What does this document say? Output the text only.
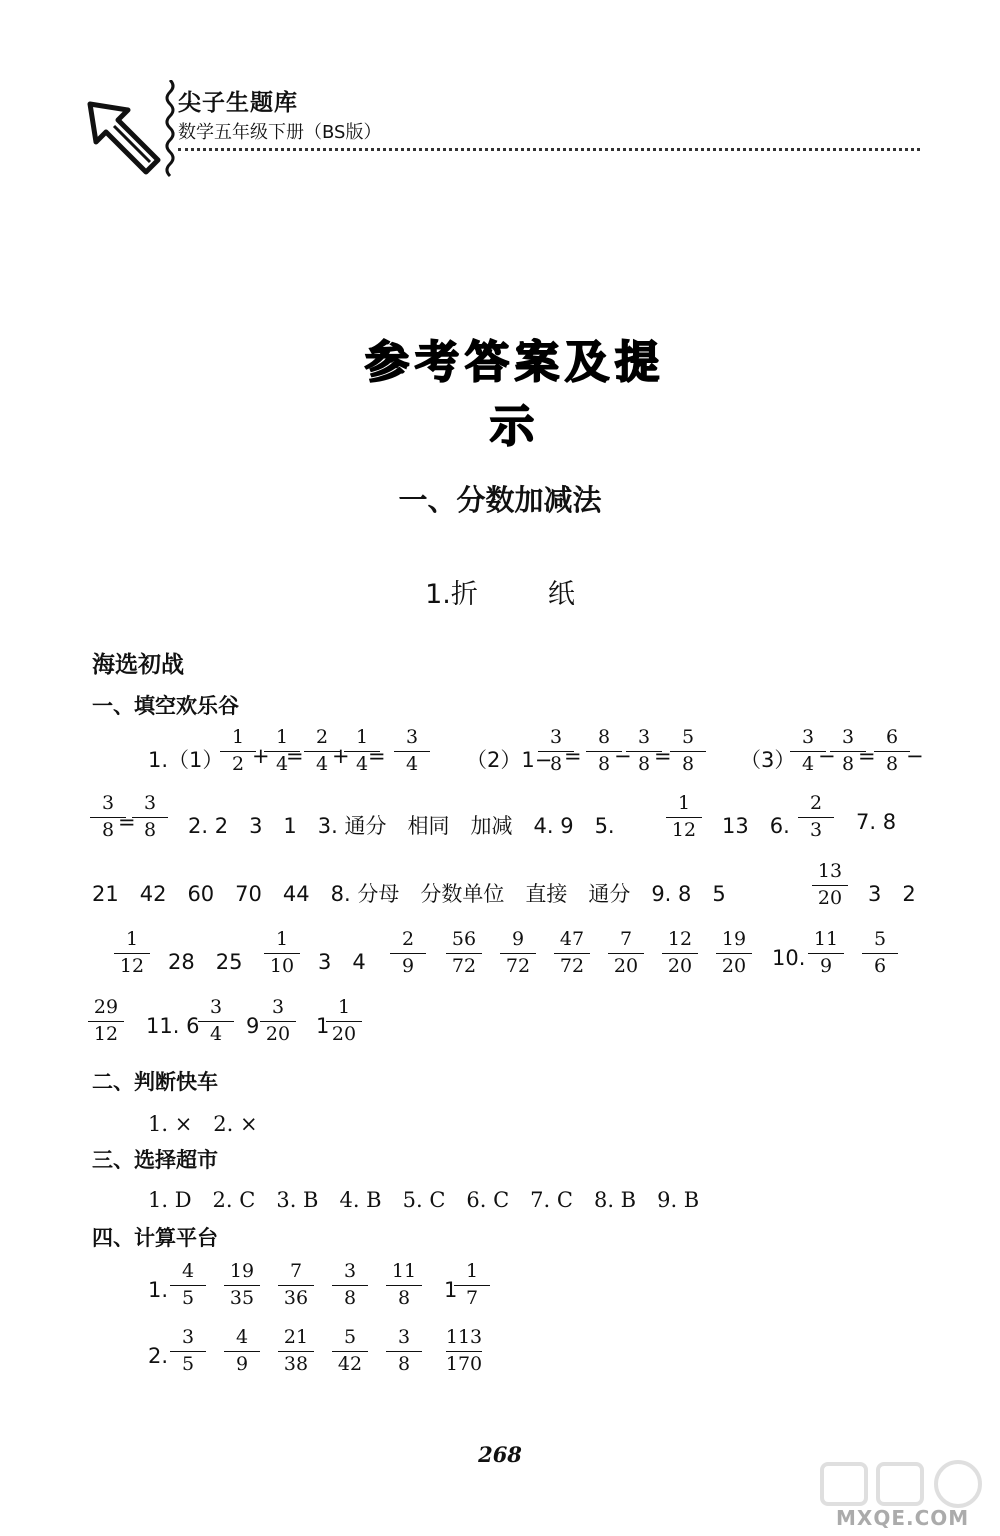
尖子生题库
数学五年级下册（BS版）
参考答案及提示
一、分数加减法
1.折	纸
海选初战
一、填空欢乐谷
1.（1）
1
2 +
1
4
=
2
4 +
1
4 =
3
4	（2）1−
3
8 =
8
8 −
3
8 =
5
8	（3）
3
4 −
3
8 =
6
8 −
3
8 =
3
8	2. 2　3　1　3. 通分　相同　加减　4. 9　5.
1
12	13　6.
2
3	7. 8
21　42　60　70　44　8. 分母　分数单位　直接　通分　9. 8　5
13
20	3　2
1
12	28　25
1
10	3　4
2
9
56
72
9
72
47
72
7
20
12
20
19
20	10.
11
9
5
6
29
12	11. 6
3
4	9
3
20	1
1
20
二、判断快车
1. ×　2. ×
三、选择超市
1. D　2. C　3. B　4. B　5. C　6. C　7. C　8. B　9. B
四、计算平台
1.
4
5
19
35
7
36
3
8
11
8	1
1
7
2.
3
5
4
9
21
38
5
42
3
8
113
170
268
MXQE.COM
